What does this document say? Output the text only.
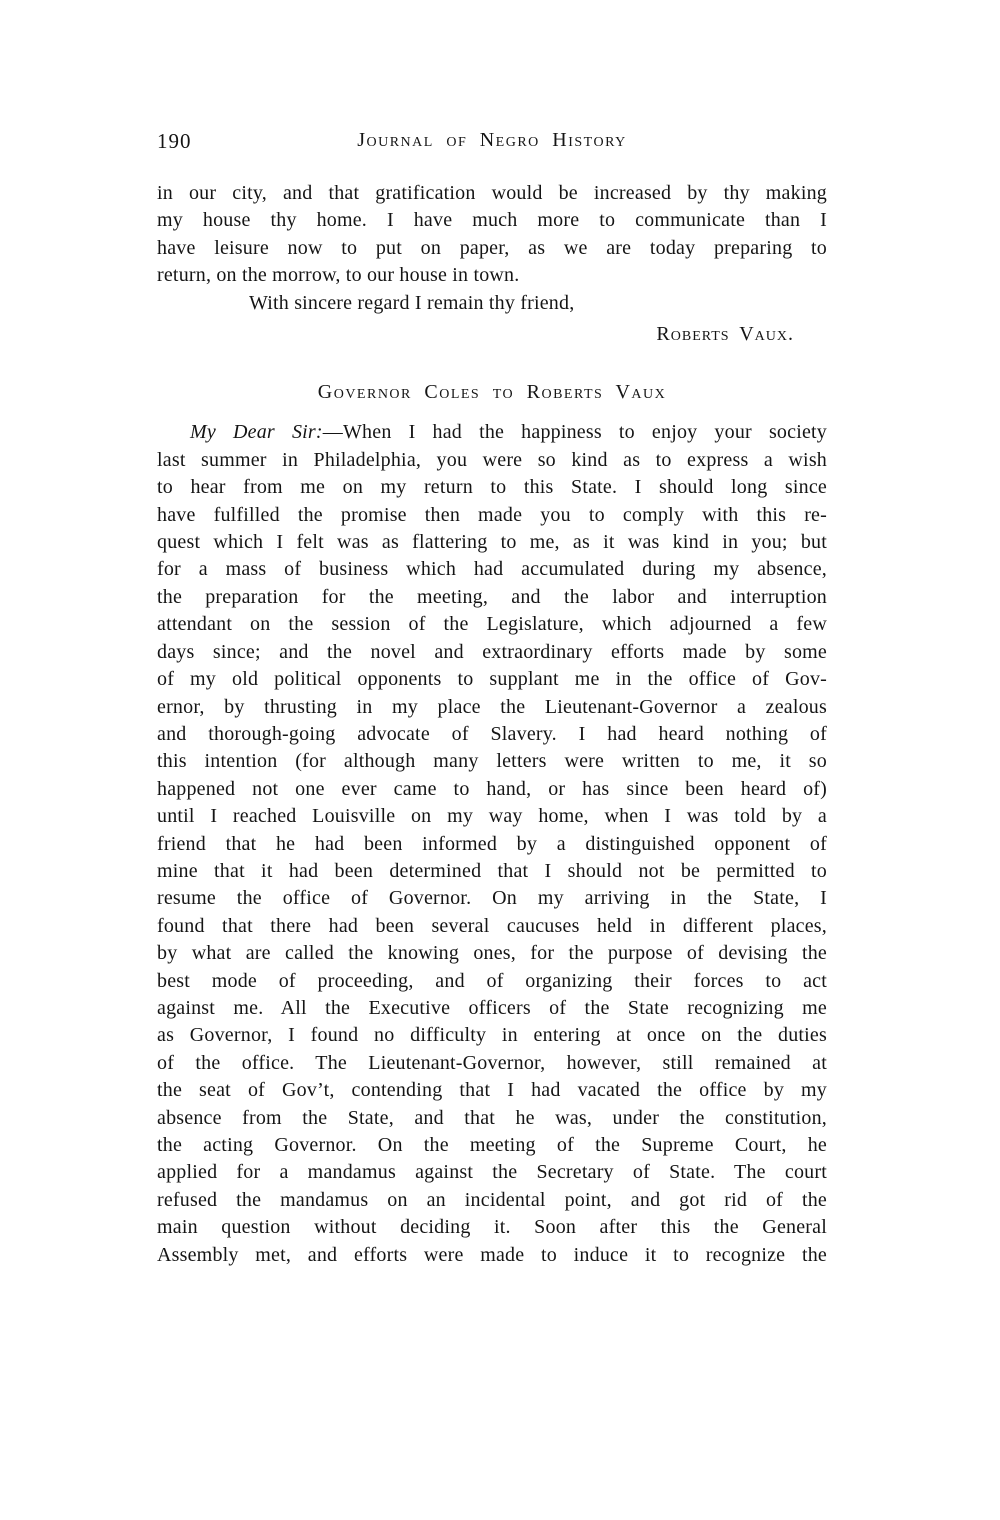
190	Journal of Negro History
in our city, and that gratification would be increased by thy making
my house thy home. I have much more to communicate than I
have leisure now to put on paper, as we are today preparing to
return, on the morrow, to our house in town.
With sincere regard I remain thy friend,
Roberts Vaux.
Governor Coles to Roberts Vaux
My Dear Sir:—When I had the happiness to enjoy your society
last summer in Philadelphia, you were so kind as to express a wish
to hear from me on my return to this State. I should long since
have fulfilled the promise then made you to comply with this re-
quest which I felt was as flattering to me, as it was kind in you; but
for a mass of business which had accumulated during my absence,
the preparation for the meeting, and the labor and interruption
attendant on the session of the Legislature, which adjourned a few
days since; and the novel and extraordinary efforts made by some
of my old political opponents to supplant me in the office of Gov-
ernor, by thrusting in my place the Lieutenant-Governor a zealous
and thorough-going advocate of Slavery. I had heard nothing of
this intention (for although many letters were written to me, it so
happened not one ever came to hand, or has since been heard of)
until I reached Louisville on my way home, when I was told by a
friend that he had been informed by a distinguished opponent of
mine that it had been determined that I should not be permitted to
resume the office of Governor. On my arriving in the State, I
found that there had been several caucuses held in different places,
by what are called the knowing ones, for the purpose of devising the
best mode of proceeding, and of organizing their forces to act
against me. All the Executive officers of the State recognizing me
as Governor, I found no difficulty in entering at once on the duties
of the office. The Lieutenant-Governor, however, still remained at
the seat of Gov’t, contending that I had vacated the office by my
absence from the State, and that he was, under the constitution,
the acting Governor. On the meeting of the Supreme Court, he
applied for a mandamus against the Secretary of State. The court
refused the mandamus on an incidental point, and got rid of the
main question without deciding it. Soon after this the General
Assembly met, and efforts were made to induce it to recognize the
